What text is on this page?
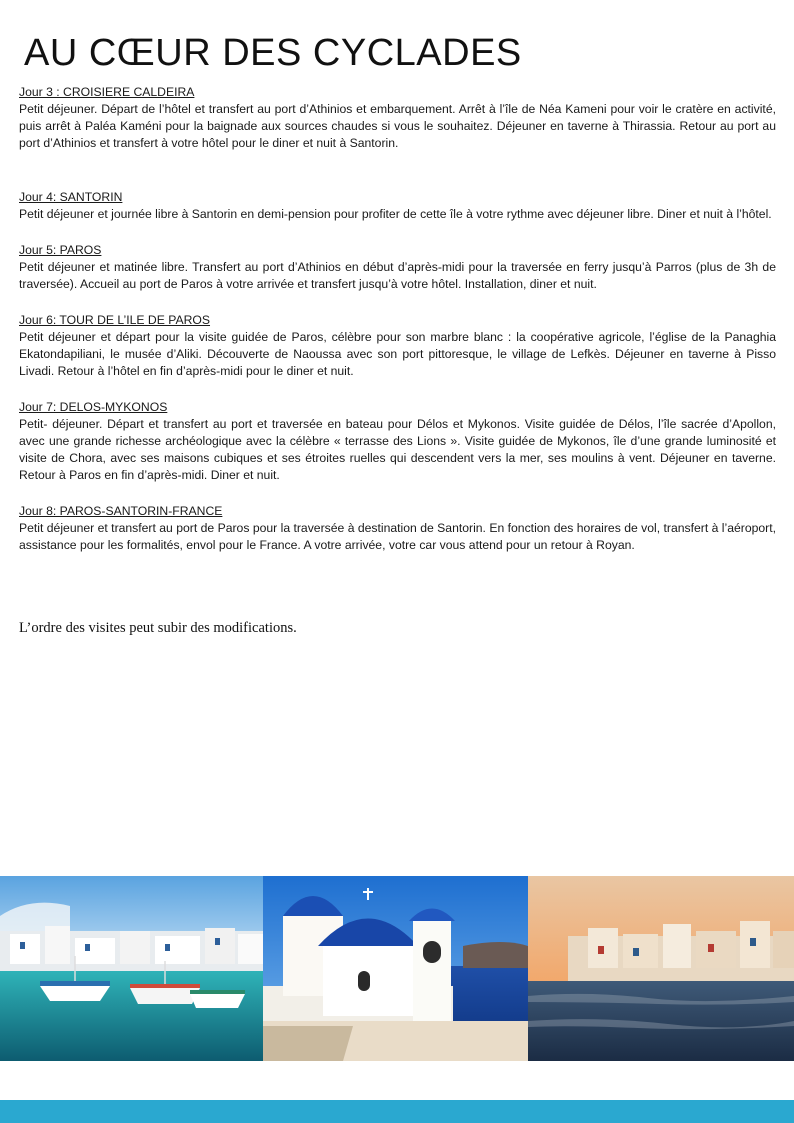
AU CŒUR DES CYCLADES

Jour 3 : CROISIERE CALDEIRA

Petit déjeuner. Départ de l’hôtel et transfert au port d’Athinios et embarquement. Arrêt à l’île de Néa Kameni pour voir le cratère en activité, puis arrêt à Paléa Kaméni pour la baignade aux sources chaudes si vous le souhaitez. Déjeuner en taverne à Thirassia. Retour au port au port d’Athinios et transfert à votre hôtel pour le diner et nuit à Santorin.

Jour 4: SANTORIN

Petit déjeuner et journée libre à Santorin en demi-pension pour profiter de cette île à votre rythme avec déjeuner libre. Diner et nuit à l’hôtel.

Jour 5: PAROS

Petit déjeuner et matinée libre. Transfert au port d’Athinios en début d’après-midi pour la traversée en ferry jusqu’à Parros (plus de 3h de traversée). Accueil au port de Paros à votre arrivée et transfert jusqu’à votre hôtel. Installation, diner et nuit.

Jour 6: TOUR DE L’ILE DE PAROS

Petit déjeuner et départ pour la visite guidée de Paros, célèbre pour son marbre blanc : la coopérative agricole, l’église de la Panaghia Ekatondapiliani, le musée d’Aliki. Découverte de Naoussa avec son port pittoresque, le village de Lefkès. Déjeuner en taverne à Pisso Livadi. Retour à l’hôtel en fin d’après-midi pour le diner et nuit.

Jour 7: DELOS-MYKONOS

Petit- déjeuner. Départ et transfert au port et traversée en bateau pour Délos et Mykonos. Visite guidée de Délos, l’île sacrée d’Apollon, avec une grande richesse archéologique avec la célèbre « terrasse des Lions ». Visite guidée de Mykonos, île d’une grande luminosité et visite de Chora, avec ses maisons cubiques et ses étroites ruelles qui descendent vers la mer, ses moulins à vent. Déjeuner en taverne. Retour à Paros en fin d’après-midi. Diner et nuit.

Jour 8: PAROS-SANTORIN-FRANCE

Petit déjeuner et transfert au port de Paros pour la traversée à destination de Santorin. En fonction des horaires de vol, transfert à l’aéroport, assistance pour les formalités, envol pour le France. A votre arrivée, votre car vous attend pour un retour à Royan.

L’ordre des visites peut subir des modifications.
